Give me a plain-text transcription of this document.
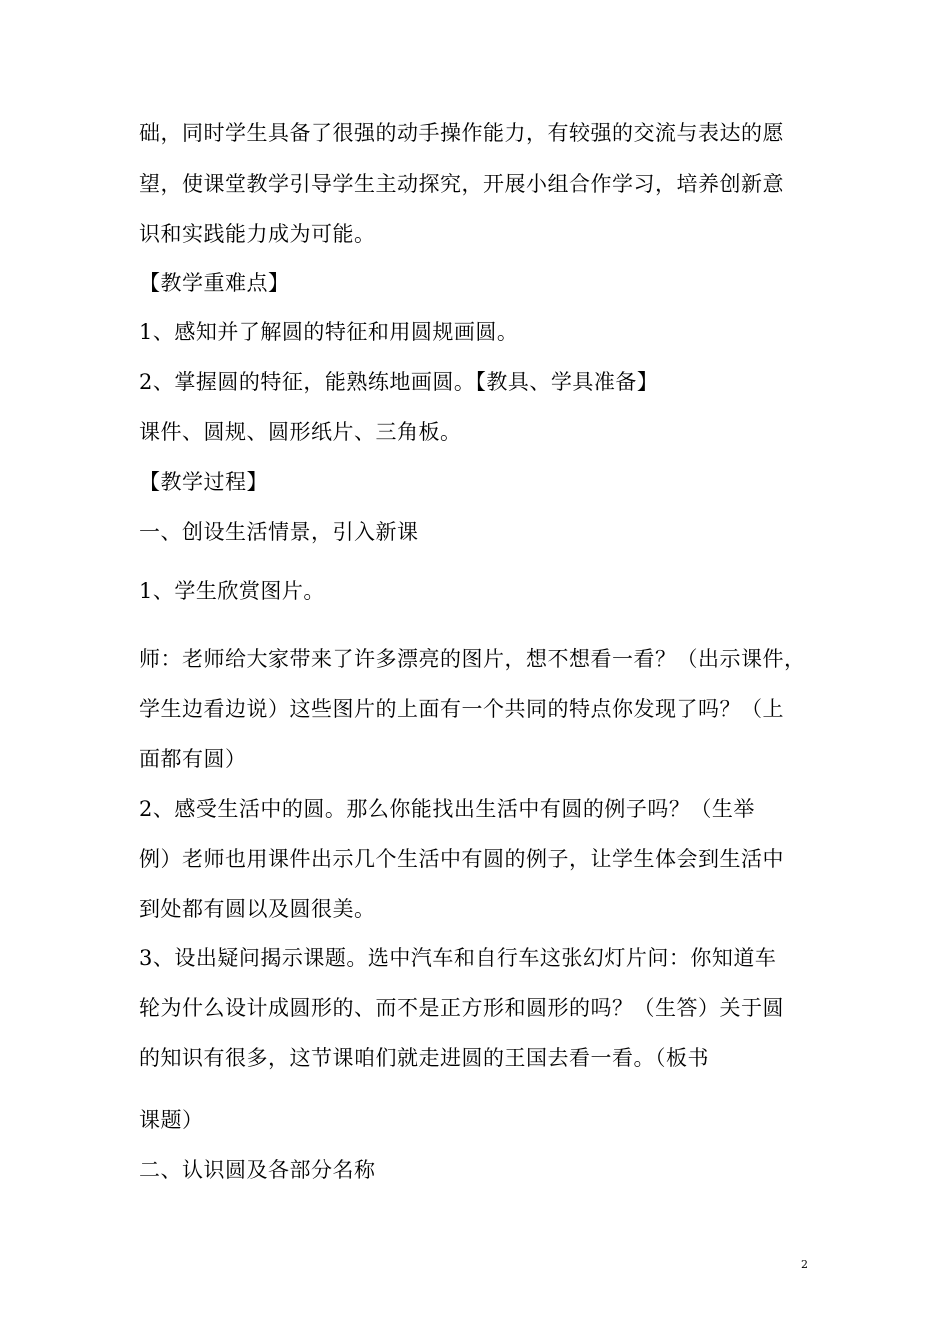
础，同时学生具备了很强的动手操作能力，有较强的交流与表达的愿
望，使课堂教学引导学生主动探究，开展小组合作学习，培养创新意
识和实践能力成为可能。
【教学重难点】
1、感知并了解圆的特征和用圆规画圆。
2、掌握圆的特征，能熟练地画圆。【教具、学具准备】
课件、圆规、圆形纸片、三角板。
【教学过程】
一、创设生活情景，引入新课
1、学生欣赏图片。
师：老师给大家带来了许多漂亮的图片，想不想看一看？（出示课件，
学生边看边说）这些图片的上面有一个共同的特点你发现了吗？（上
面都有圆）
2、感受生活中的圆。那么你能找出生活中有圆的例子吗？（生举
例）老师也用课件出示几个生活中有圆的例子，让学生体会到生活中
到处都有圆以及圆很美。
3、设出疑问揭示课题。选中汽车和自行车这张幻灯片问：你知道车
轮为什么设计成圆形的、而不是正方形和圆形的吗？（生答）关于圆
的知识有很多，这节课咱们就走进圆的王国去看一看。（板书
课题）
二、认识圆及各部分名称
2
